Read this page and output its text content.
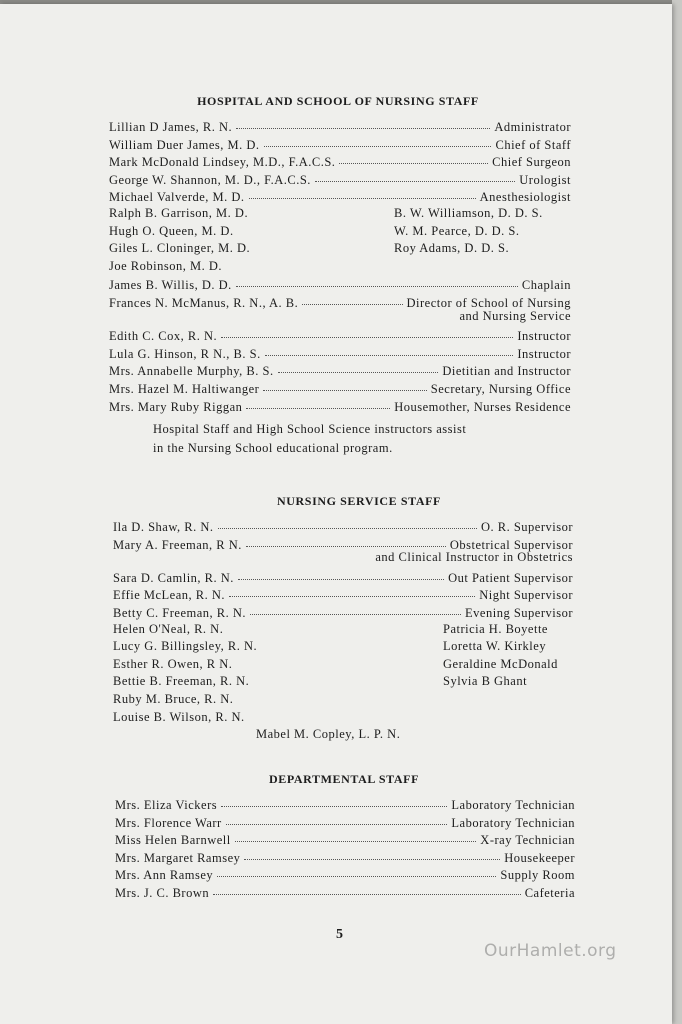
HOSPITAL AND SCHOOL OF NURSING STAFF
Lillian D James, R. N.	Administrator
William Duer James, M. D.	Chief of Staff
Mark McDonald Lindsey, M.D., F.A.C.S.	Chief Surgeon
George W. Shannon, M. D., F.A.C.S.	Urologist
Michael Valverde, M. D.	Anesthesiologist
Ralph B. Garrison, M. D.	B. W. Williamson, D. D. S.
Hugh O. Queen, M. D.	W. M. Pearce, D. D. S.
Giles L. Cloninger, M. D.	Roy Adams, D. D. S.
Joe Robinson, M. D.
James B. Willis, D. D.	Chaplain
Frances N. McManus, R. N., A. B.	Director of School of Nursing
and Nursing Service
Edith C. Cox, R. N.	Instructor
Lula G. Hinson, R N., B. S.	Instructor
Mrs. Annabelle Murphy, B. S.	Dietitian and Instructor
Mrs. Hazel M. Haltiwanger	Secretary, Nursing Office
Mrs. Mary Ruby Riggan	Housemother, Nurses Residence
Hospital Staff and High School Science instructors assist
in the Nursing School educational program.
NURSING SERVICE STAFF
Ila D. Shaw, R. N.	O. R. Supervisor
Mary A. Freeman, R N.	Obstetrical Supervisor
and Clinical Instructor in Obstetrics
Sara D. Camlin, R. N.	Out Patient Supervisor
Effie McLean, R. N.	Night Supervisor
Betty C. Freeman, R. N.	Evening Supervisor
Helen O'Neal, R. N.	Patricia H. Boyette
Lucy G. Billingsley, R. N.	Loretta W. Kirkley
Esther R. Owen, R N.	Geraldine McDonald
Bettie B. Freeman, R. N.	Sylvia B Ghant
Ruby M. Bruce, R. N.
Louise B. Wilson, R. N.
Mabel M. Copley, L. P. N.
DEPARTMENTAL STAFF
Mrs. Eliza Vickers	Laboratory Technician
Mrs. Florence Warr	Laboratory Technician
Miss Helen Barnwell	X-ray Technician
Mrs. Margaret Ramsey	Housekeeper
Mrs. Ann Ramsey	Supply Room
Mrs. J. C. Brown	Cafeteria
5
OurHamlet.org
